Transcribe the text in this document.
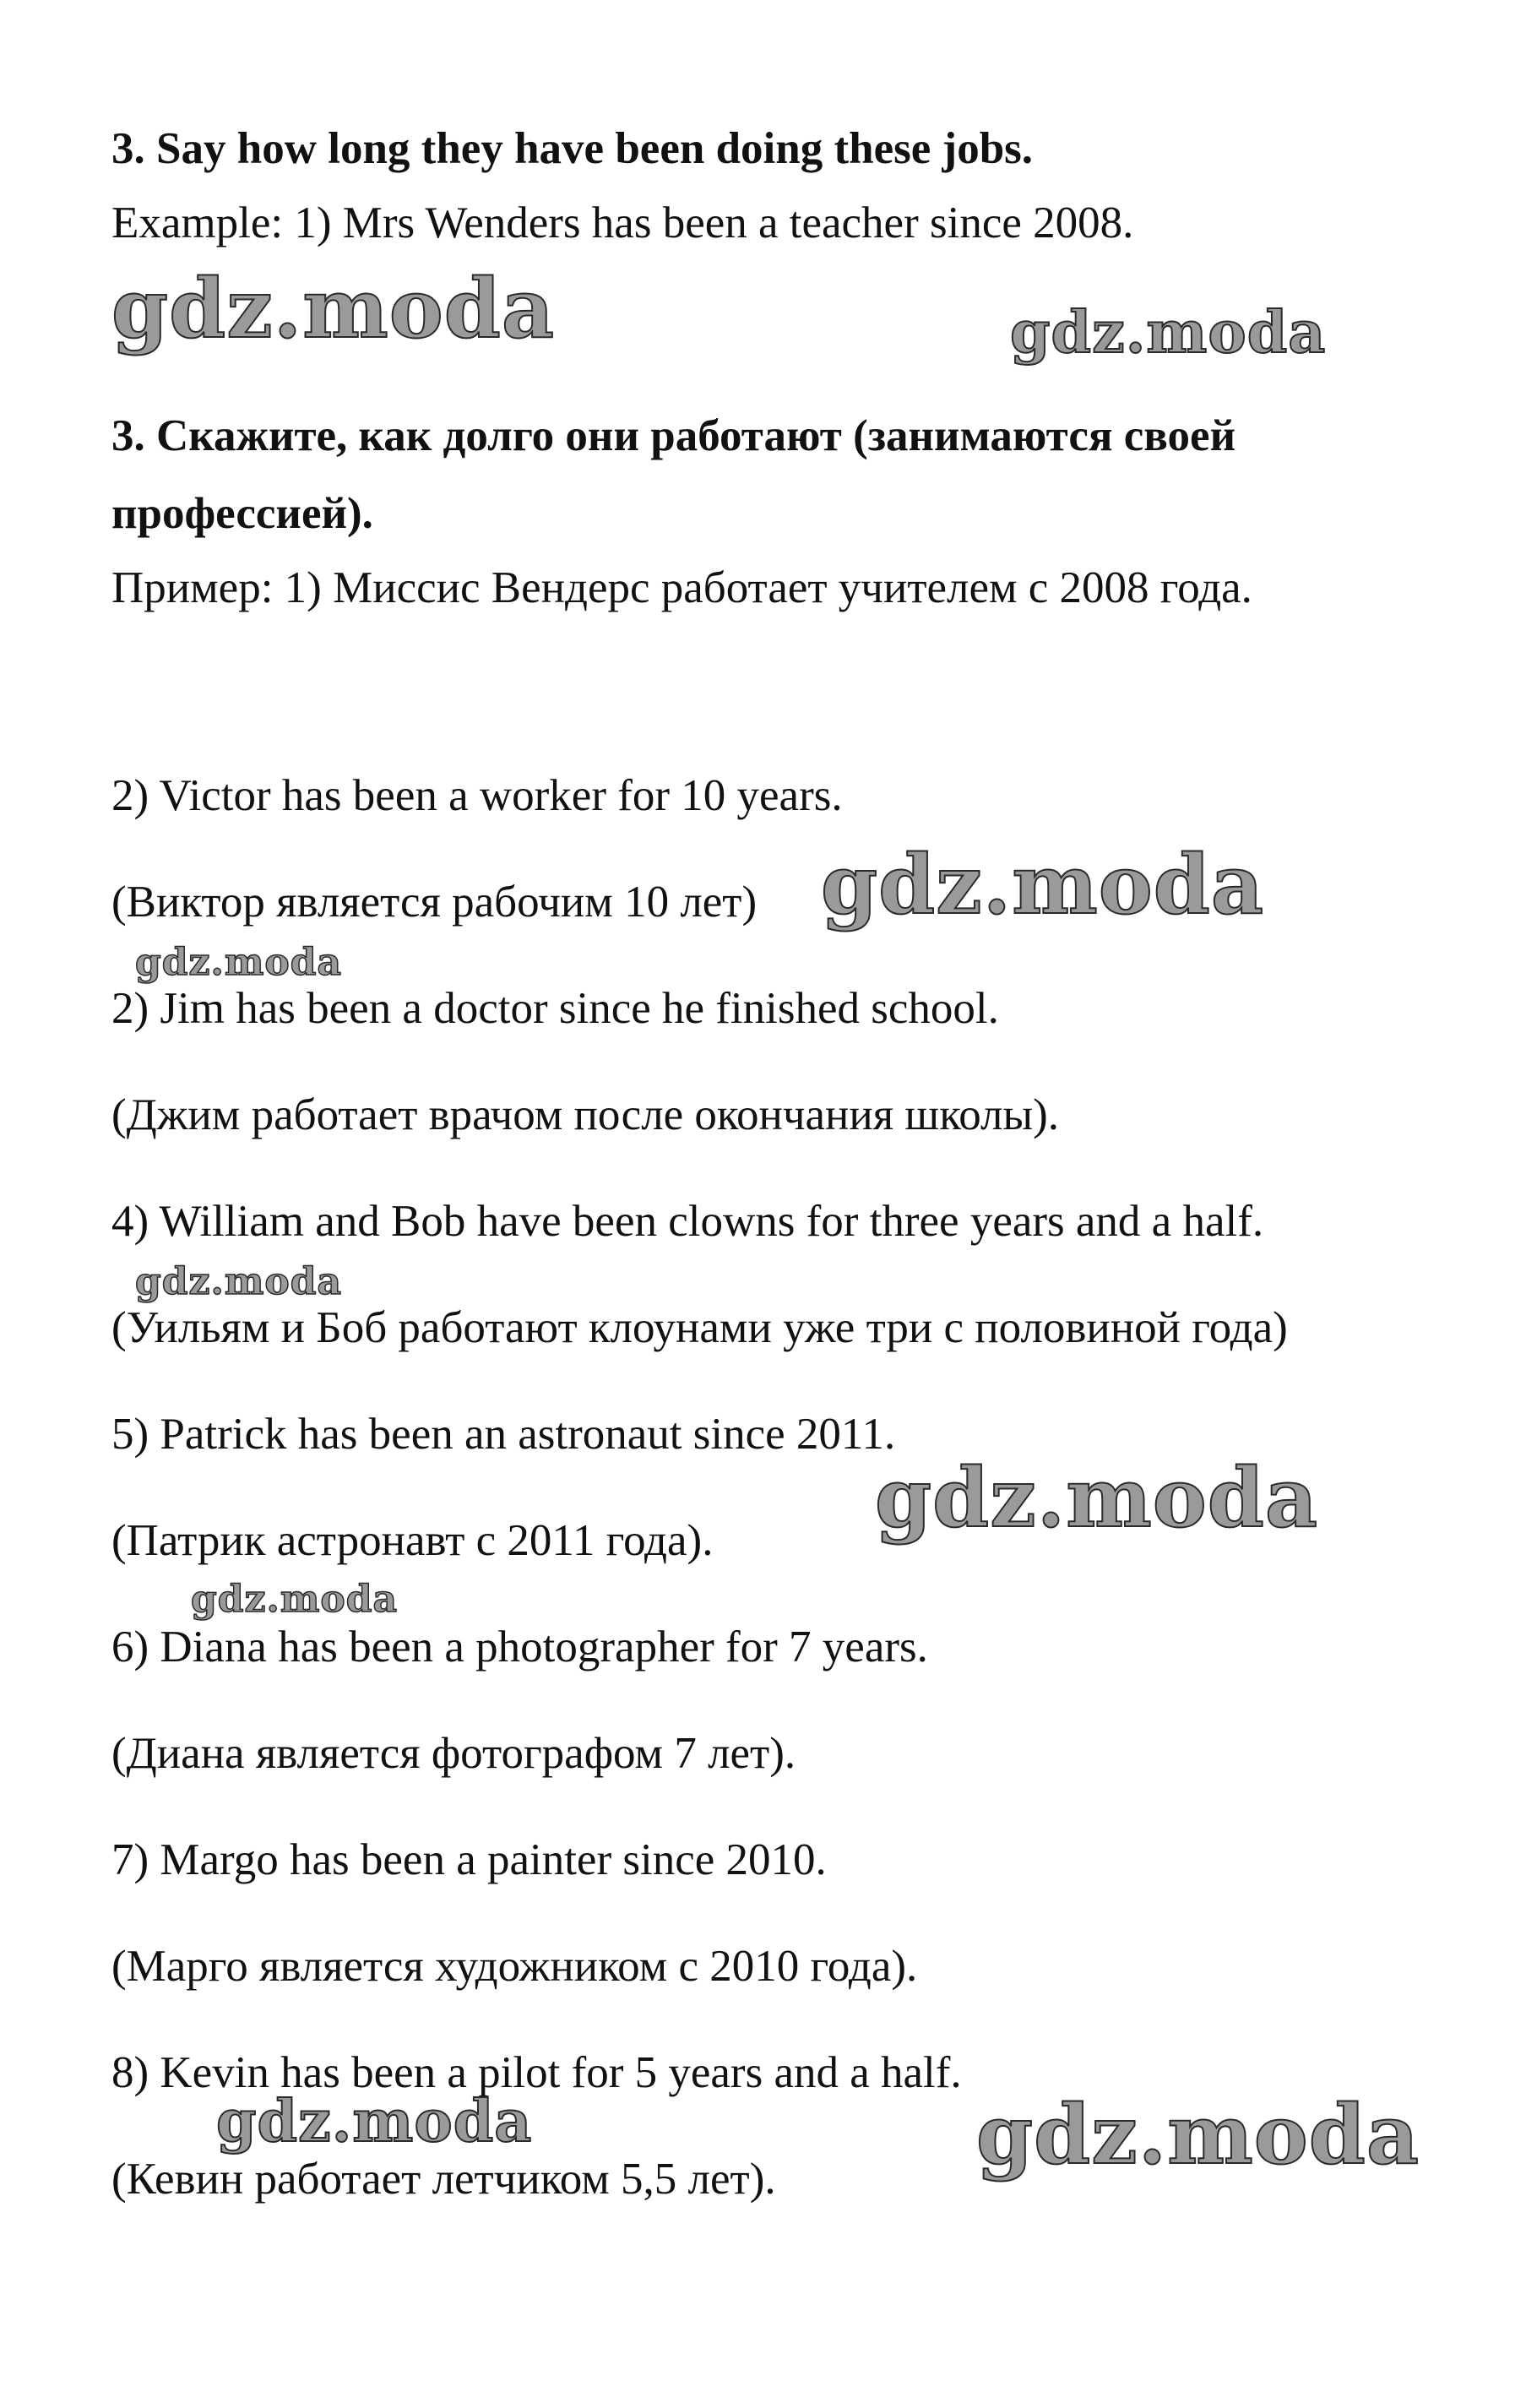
3. Say how long they have been doing these jobs.
Example: 1) Mrs Wenders has been a teacher since 2008.
3. Скажите, как долго они работают (занимаются своей
профессией).
Пример: 1) Миссис Вендерс работает учителем с 2008 года.
2) Victor has been a worker for 10 years.
(Виктор является рабочим 10 лет)
2) Jim has been a doctor since he finished school.
(Джим работает врачом после окончания школы).
4) William and Bob have been clowns for three years and a half.
(Уильям и Боб работают клоунами уже три с половиной года)
5) Patrick has been an astronaut since 2011.
(Патрик астронавт с 2011 года).
6) Diana has been a photographer for 7 years.
(Диана является фотографом 7 лет).
7) Margo has been a painter since 2010.
(Марго является художником с 2010 года).
8) Kevin has been a pilot for 5 years and a half.
(Кевин работает летчиком 5,5 лет).
gdz.moda	gdz.moda
gdz.moda
gdz.moda
gdz.moda
gdz.moda
gdz.moda
gdz.moda	gdz.moda
